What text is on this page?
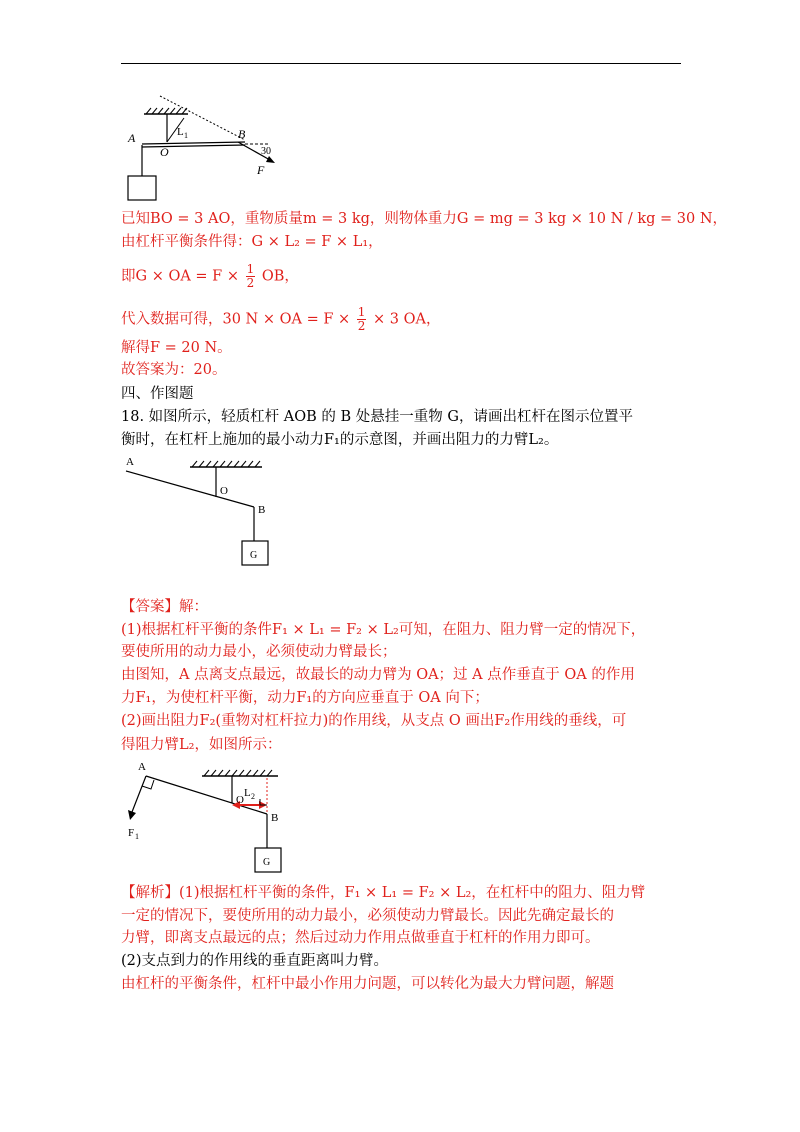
A
O
B
L 1
30
F
已知BO = 3 AO，重物质量m = 3 kg，则物体重力G = mg = 3 kg × 10 N / kg = 30 N，
由杠杆平衡条件得：G × L₂ = F × L₁，
即G × OA = $F \times \frac{1}{2}$ OB，
代入数据可得，30 N × OA = $F \times \frac{1}{2} \times 3$ OA，
解得F = 20 N。
故答案为：20。
四、作图题
18. 如图所示，轻质杠杆 AOB 的 B 处悬挂一重物 G，请画出杠杆在图示位置平
衡时，在杠杆上施加的最小动力F₁的示意图，并画出阻力的力臂L₂。
A
O
B
G
【答案】解：
(1)根据杠杆平衡的条件F₁ × L₁ = F₂ × L₂可知，在阻力、阻力臂一定的情况下，
要使所用的动力最小，必须使动力臂最长；
由图知，A 点离支点最远，故最长的动力臂为 OA；过 A 点作垂直于 OA 的作用
力F₁，为使杠杆平衡，动力F₁的方向应垂直于 OA 向下；
(2)画出阻力F₂(重物对杠杆拉力)的作用线，从支点 O 画出F₂作用线的垂线，可
得阻力臂L₂，如图所示：
A
O
B
G
F 1
L 2
【解析】(1)根据杠杆平衡的条件，F₁ × L₁ = F₂ × L₂，在杠杆中的阻力、阻力臂
一定的情况下，要使所用的动力最小，必须使动力臂最长。因此先确定最长的
力臂，即离支点最远的点；然后过动力作用点做垂直于杠杆的作用力即可。
(2)支点到力的作用线的垂直距离叫力臂。
由杠杆的平衡条件，杠杆中最小作用力问题，可以转化为最大力臂问题，解题
